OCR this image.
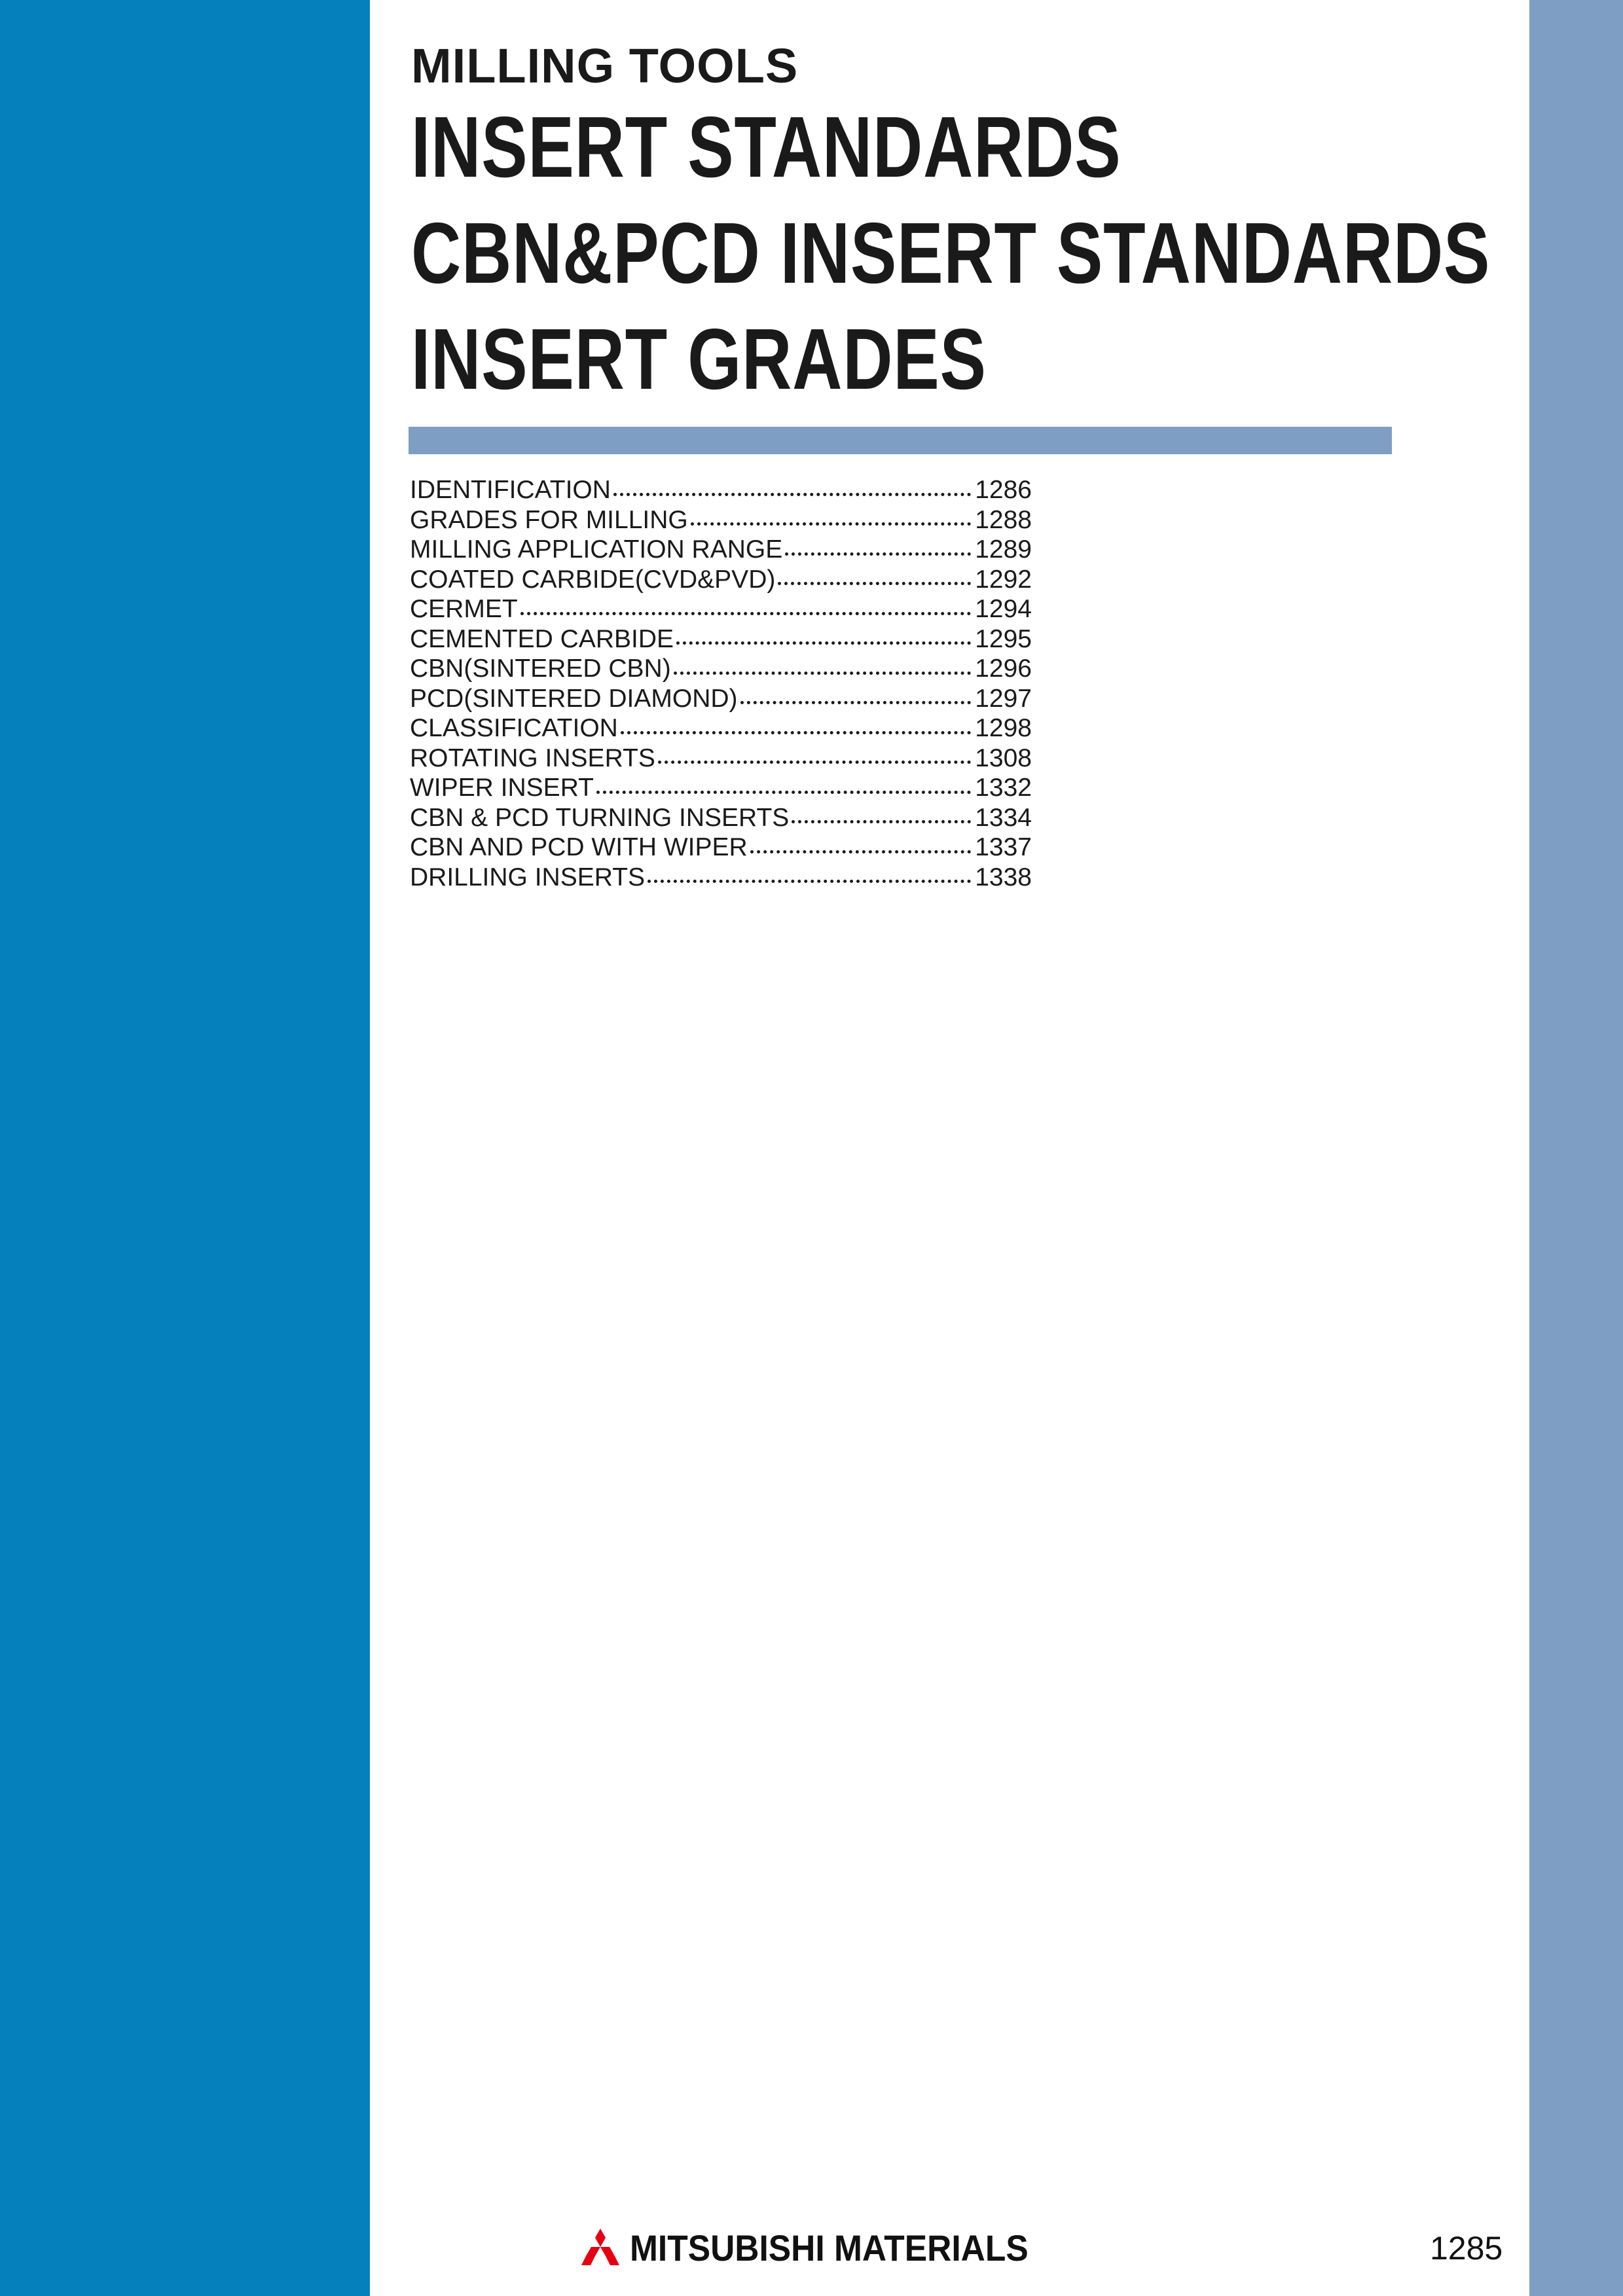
MILLING TOOLS
INSERT STANDARDS
CBN&PCD INSERT STANDARDS
INSERT GRADES
IDENTIFICATION	1286
GRADES FOR MILLING	1288
MILLING APPLICATION RANGE	1289
COATED CARBIDE(CVD&PVD)	1292
CERMET	1294
CEMENTED CARBIDE	1295
CBN(SINTERED CBN)	1296
PCD(SINTERED DIAMOND)	1297
CLASSIFICATION	1298
ROTATING INSERTS	1308
WIPER INSERT	1332
CBN & PCD TURNING INSERTS	1334
CBN AND PCD WITH WIPER	1337
DRILLING INSERTS	1338
MITSUBISHI MATERIALS	1285
